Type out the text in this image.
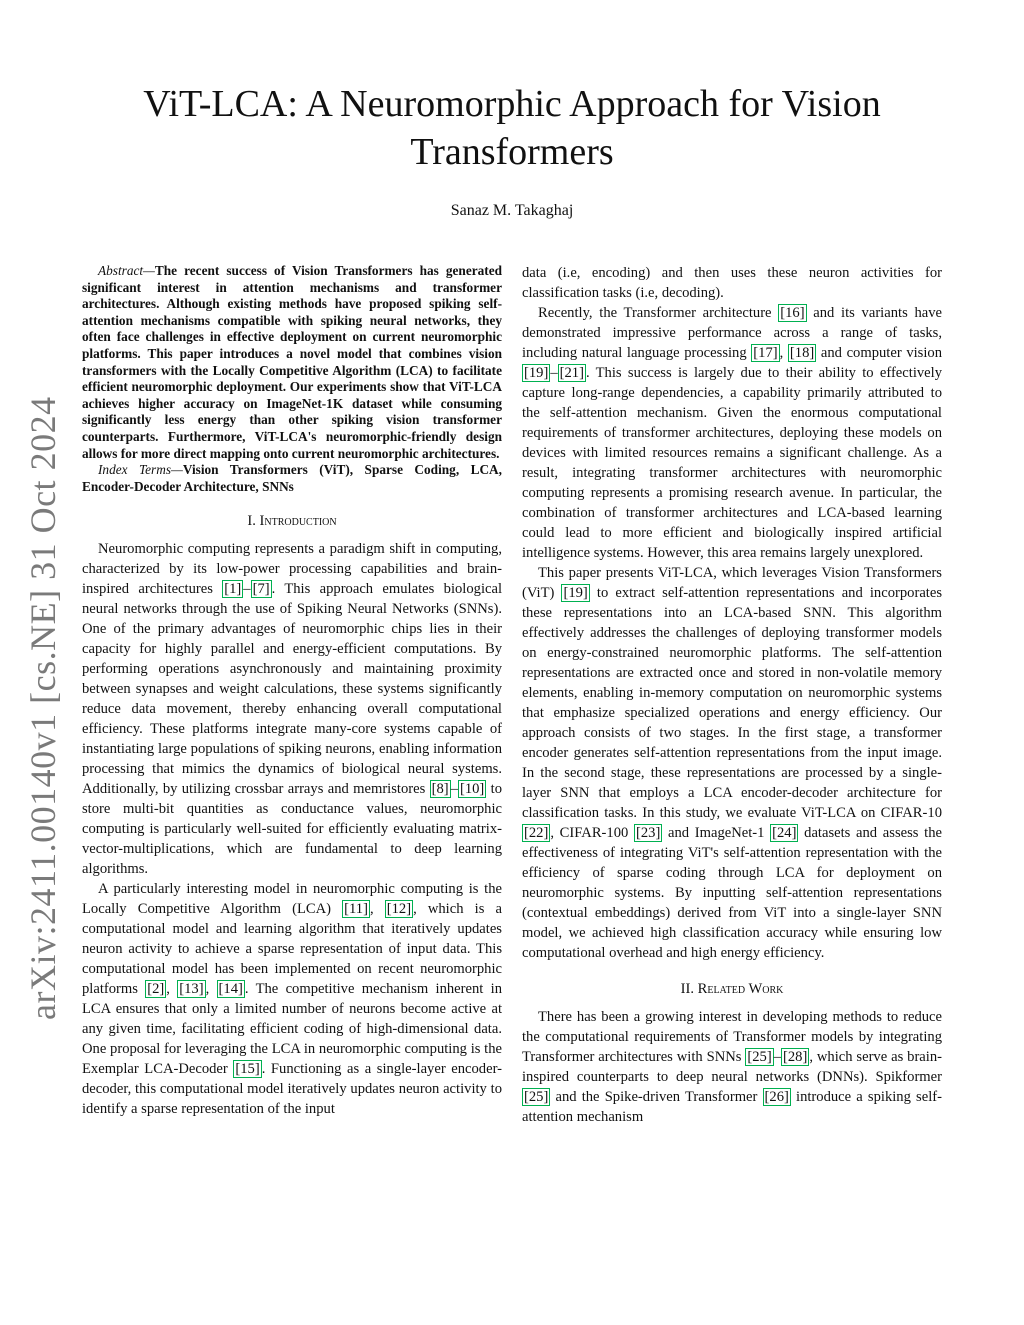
arXiv:2411.00140v1 [cs.NE] 31 Oct 2024
ViT-LCA: A Neuromorphic Approach for Vision Transformers
Sanaz M. Takaghaj

Abstract—The recent success of Vision Transformers has generated significant interest in attention mechanisms and transformer architectures. Although existing methods have proposed spiking self-attention mechanisms compatible with spiking neural networks, they often face challenges in effective deployment on current neuromorphic platforms. This paper introduces a novel model that combines vision transformers with the Locally Competitive Algorithm (LCA) to facilitate efficient neuromorphic deployment. Our experiments show that ViT-LCA achieves higher accuracy on ImageNet-1K dataset while consuming significantly less energy than other spiking vision transformer counterparts. Furthermore, ViT-LCA's neuromorphic-friendly design allows for more direct mapping onto current neuromorphic architectures.

Index Terms—Vision Transformers (ViT), Sparse Coding, LCA, Encoder-Decoder Architecture, SNNs

I. Introduction

Neuromorphic computing represents a paradigm shift in computing, characterized by its low-power processing capabilities and brain-inspired architectures [1] – [7] . This approach emulates biological neural networks through the use of Spiking Neural Networks (SNNs). One of the primary advantages of neuromorphic chips lies in their capacity for highly parallel and energy-efficient computations. By performing operations asynchronously and maintaining proximity between synapses and weight calculations, these systems significantly reduce data movement, thereby enhancing overall computational efficiency. These platforms integrate many-core systems capable of instantiating large populations of spiking neurons, enabling information processing that mimics the dynamics of biological neural systems. Additionally, by utilizing crossbar arrays and memristores [8] – [10] to store multi-bit quantities as conductance values, neuromorphic computing is particularly well-suited for efficiently evaluating matrix-vector-multiplications, which are fundamental to deep learning algorithms.

A particularly interesting model in neuromorphic computing is the Locally Competitive Algorithm (LCA) [11] , [12] , which is a computational model and learning algorithm that iteratively updates neuron activity to achieve a sparse representation of input data. This computational model has been implemented on recent neuromorphic platforms [2] , [13] , [14] . The competitive mechanism inherent in LCA ensures that only a limited number of neurons become active at any given time, facilitating efficient coding of high-dimensional data. One proposal for leveraging the LCA in neuromorphic computing is the Exemplar LCA-Decoder [15] . Functioning as a single-layer encoder-decoder, this computational model iteratively updates neuron activity to identify a sparse representation of the input

data (i.e, encoding) and then uses these neuron activities for classification tasks (i.e, decoding).

Recently, the Transformer architecture [16] and its variants have demonstrated impressive performance across a range of tasks, including natural language processing [17] , [18] and computer vision [19] – [21] . This success is largely due to their ability to effectively capture long-range dependencies, a capability primarily attributed to the self-attention mechanism. Given the enormous computational requirements of transformer architectures, deploying these models on devices with limited resources remains a significant challenge. As a result, integrating transformer architectures with neuromorphic computing represents a promising research avenue. In particular, the combination of transformer architectures and LCA-based learning could lead to more efficient and biologically inspired artificial intelligence systems. However, this area remains largely unexplored.

This paper presents ViT-LCA, which leverages Vision Transformers (ViT) [19] to extract self-attention representations and incorporates these representations into an LCA-based SNN. This algorithm effectively addresses the challenges of deploying transformer models on energy-constrained neuromorphic platforms. The self-attention representations are extracted once and stored in non-volatile memory elements, enabling in-memory computation on neuromorphic systems that emphasize specialized operations and energy efficiency. Our approach consists of two stages. In the first stage, a transformer encoder generates self-attention representations from the input image. In the second stage, these representations are processed by a single-layer SNN that employs a LCA encoder-decoder architecture for classification tasks. In this study, we evaluate ViT-LCA on CIFAR-10 [22] , CIFAR-100 [23] and ImageNet-1 [24] datasets and assess the effectiveness of integrating ViT's self-attention representation with the efficiency of sparse coding through LCA for deployment on neuromorphic systems. By inputting self-attention representations (contextual embeddings) derived from ViT into a single-layer SNN model, we achieved high classification accuracy while ensuring low computational overhead and high energy efficiency.

II. Related Work

There has been a growing interest in developing methods to reduce the computational requirements of Transformer models by integrating Transformer architectures with SNNs [25] – [28] , which serve as brain-inspired counterparts to deep neural networks (DNNs). Spikformer [25] and the Spike-driven Transformer [26] introduce a spiking self-attention mechanism
